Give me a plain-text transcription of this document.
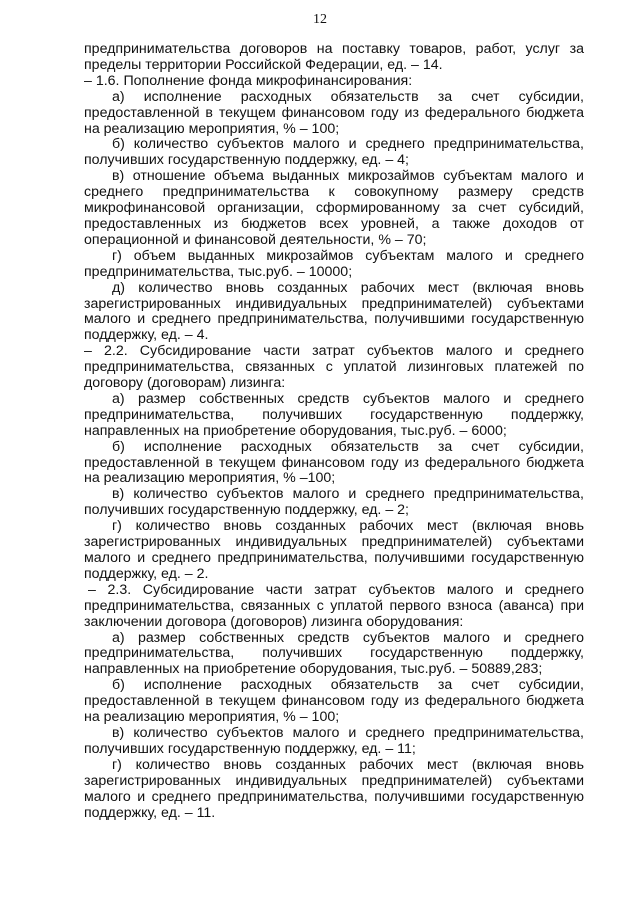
12

предпринимательства договоров на поставку товаров, работ, услуг за пределы территории Российской Федерации, ед. – 14.

– 1.6. Пополнение фонда микрофинансирования:

а) исполнение расходных обязательств за счет субсидии, предоставленной в текущем финансовом году из федерального бюджета на реализацию мероприятия, % – 100;

б) количество субъектов малого и среднего предпринимательства, получивших государственную поддержку, ед. – 4;

в) отношение объема выданных микрозаймов субъектам малого и среднего предпринимательства к совокупному размеру средств микрофинансовой организации, сформированному за счет субсидий, предоставленных из бюджетов всех уровней, а также доходов от операционной и финансовой деятельности, % – 70;

г) объем выданных микрозаймов субъектам малого и среднего предпринимательства, тыс.руб. – 10000;

д) количество вновь созданных рабочих мест (включая вновь зарегистрированных индивидуальных предпринимателей) субъектами малого и среднего предпринимательства, получившими государственную поддержку, ед. – 4.

– 2.2. Субсидирование части затрат субъектов малого и среднего предпринимательства, связанных с уплатой лизинговых платежей по договору (договорам) лизинга:

а) размер собственных средств субъектов малого и среднего предпринимательства, получивших государственную поддержку, направленных на приобретение оборудования, тыс.руб. – 6000;

б) исполнение расходных обязательств за счет субсидии, предоставленной в текущем финансовом году из федерального бюджета на реализацию мероприятия, % –100;

в) количество субъектов малого и среднего предпринимательства, получивших государственную поддержку, ед. – 2;

г) количество вновь созданных рабочих мест (включая вновь зарегистрированных индивидуальных предпринимателей) субъектами малого и среднего предпринимательства, получившими государственную поддержку, ед. – 2.

– 2.3. Субсидирование части затрат субъектов малого и среднего предпринимательства, связанных с уплатой первого взноса (аванса) при заключении договора (договоров) лизинга оборудования:

а) размер собственных средств субъектов малого и среднего предпринимательства, получивших государственную поддержку, направленных на приобретение оборудования, тыс.руб. – 50889,283;

б) исполнение расходных обязательств за счет субсидии, предоставленной в текущем финансовом году из федерального бюджета на реализацию мероприятия, % – 100;

в) количество субъектов малого и среднего предпринимательства, получивших государственную поддержку, ед. – 11;

г) количество вновь созданных рабочих мест (включая вновь зарегистрированных индивидуальных предпринимателей) субъектами малого и среднего предпринимательства, получившими государственную поддержку, ед. – 11.
